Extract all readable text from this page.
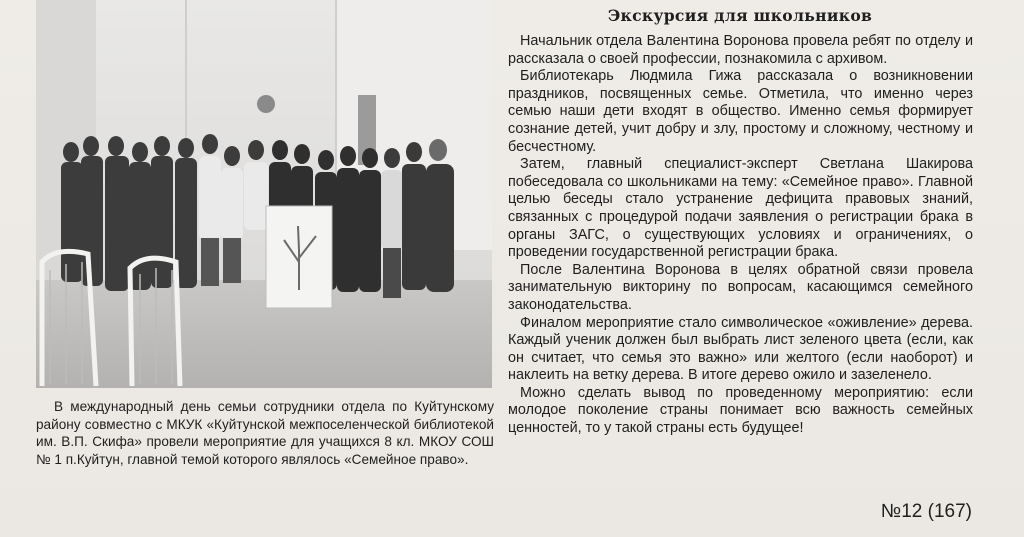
В международный день семьи сотрудники отдела по Куйтунскому району совместно с МКУК «Куйтунской межпоселенческой библиотекой им. В.П. Скифа» провели мероприятие для учащихся 8 кл. МКОУ СОШ № 1 п.Куйтун, главной темой которого являлось «Семейное право».
Экскурсия для школьников

Начальник отдела Валентина Воронова провела ребят по отделу и рассказала о своей профессии, познакомила с архивом.

Библиотекарь Людмила Гижа рассказала о возникновении праздников, посвященных семье. Отметила, что именно через семью наши дети входят в общество. Именно семья формирует сознание детей, учит добру и злу, простому и сложному, честному и бесчестному.

Затем, главный специалист-эксперт Светлана Шакирова побеседовала со школьниками на тему: «Семейное право». Главной целью беседы стало устранение дефицита правовых знаний, связанных с процедурой подачи заявления о регистрации брака в органы ЗАГС, о существующих условиях и ограничениях, о проведении государственной регистрации брака.

После Валентина Воронова в целях обратной связи провела занимательную викторину по вопросам, касающимся семейного законодательства.

Финалом мероприятие стало символическое «оживление» дерева. Каждый ученик должен был выбрать лист зеленого цвета (если, как он считает, что семья это важно» или желтого (если наоборот) и наклеить на ветку дерева. В итоге дерево ожило и зазеленело.

Можно сделать вывод по проведенному мероприятию: если молодое поколение страны понимает всю важность семейных ценностей, то у такой страны есть будущее!

№12 (167)
